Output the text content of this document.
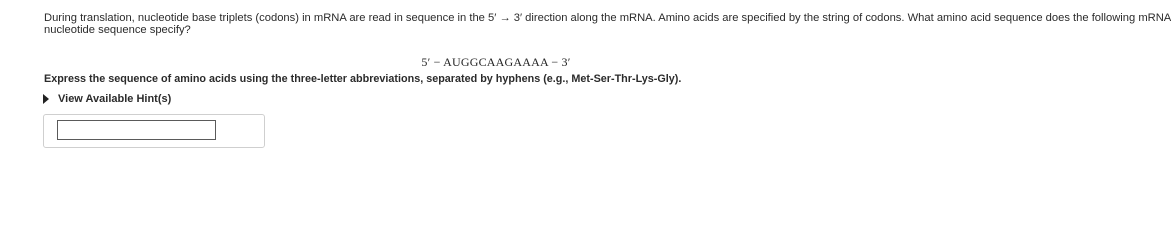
During translation, nucleotide base triplets (codons) in mRNA are read in sequence in the 5′ → 3′ direction along the mRNA. Amino acids are specified by the string of codons. What amino acid sequence does the following mRNA
nucleotide sequence specify?
5′ − AUGGCAAGAAAA − 3′
Express the sequence of amino acids using the three-letter abbreviations, separated by hyphens (e.g., Met-Ser-Thr-Lys-Gly).
View Available Hint(s)
